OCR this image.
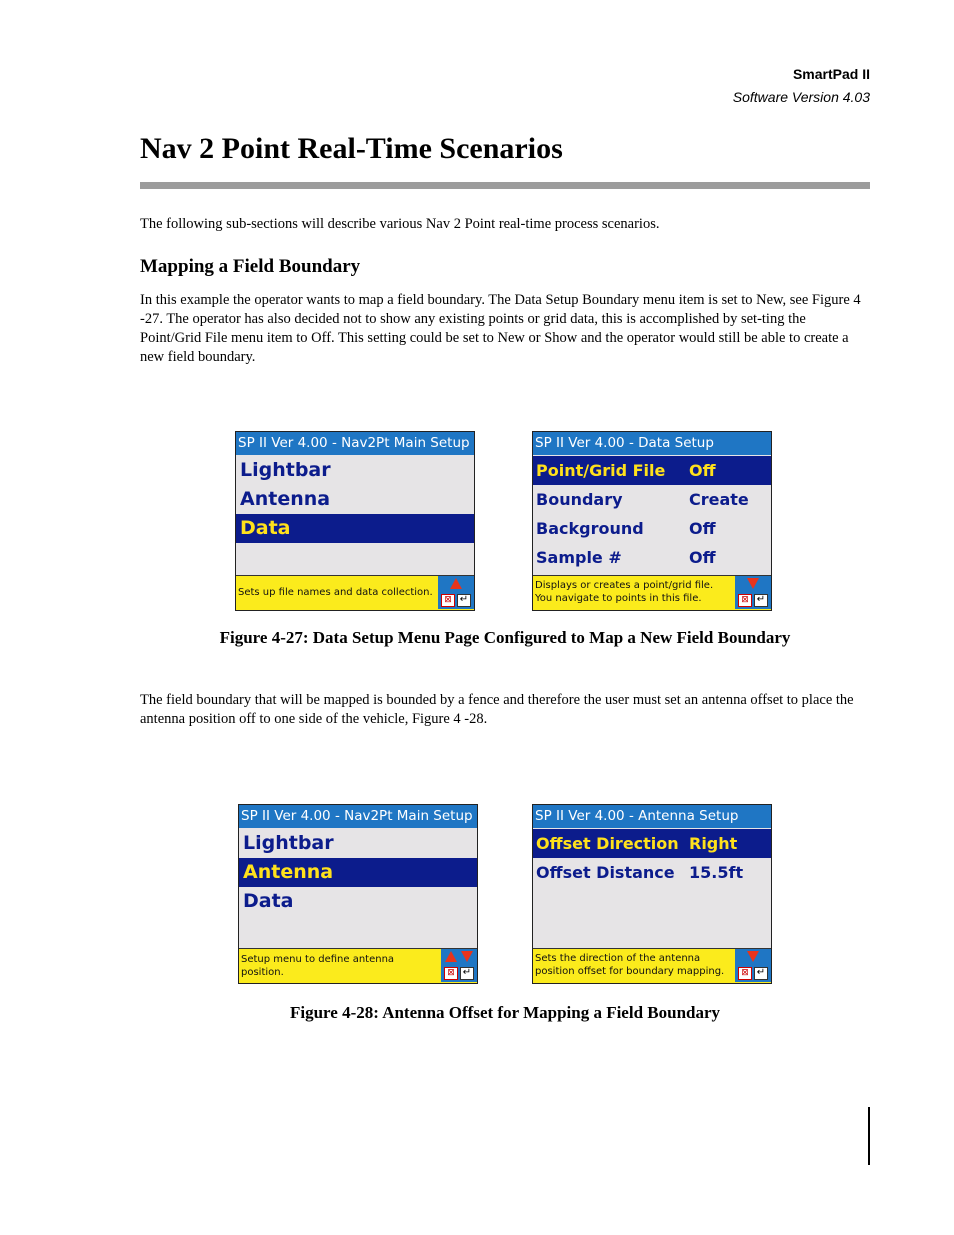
SmartPad II
Software Version 4.03
Nav 2 Point Real-Time Scenarios

The following sub-sections will describe various Nav 2 Point real-time process scenarios.

Mapping a Field Boundary

In this example the operator wants to map a field boundary. The Data Setup Boundary menu item is set to New, see Figure 4 -27. The operator has also decided not to show any existing points or grid data, this is accomplished by set-ting the Point/Grid File menu item to Off. This setting could be set to New or Show and the operator would still be able to create a new field boundary.

SP II Ver 4.00 - Nav2Pt Main Setup
Lightbar
Antenna
Data
Sets up file names and data collection.
⊠ ↵
SP II Ver 4.00 - Data Setup
Point/Grid File Off
Boundary	Create
Background	Off
Sample #	Off
Displays or creates a point/grid file.
You navigate to points in this file.	⊠ ↵

Figure 4-27: Data Setup Menu Page Configured to Map a New Field Boundary

The field boundary that will be mapped is bounded by a fence and therefore the user must set an antenna offset to place the antenna position off to one side of the vehicle, Figure 4 -28.

SP II Ver 4.00 - Nav2Pt Main Setup
Lightbar
Antenna
Data
Setup menu to define antenna position.	⊠ ↵
SP II Ver 4.00 - Antenna Setup
Offset Direction Right
Offset Distance 15.5ft
Sets the direction of the antenna
position offset for boundary mapping.	⊠ ↵

Figure 4-28: Antenna Offset for Mapping a Field Boundary
